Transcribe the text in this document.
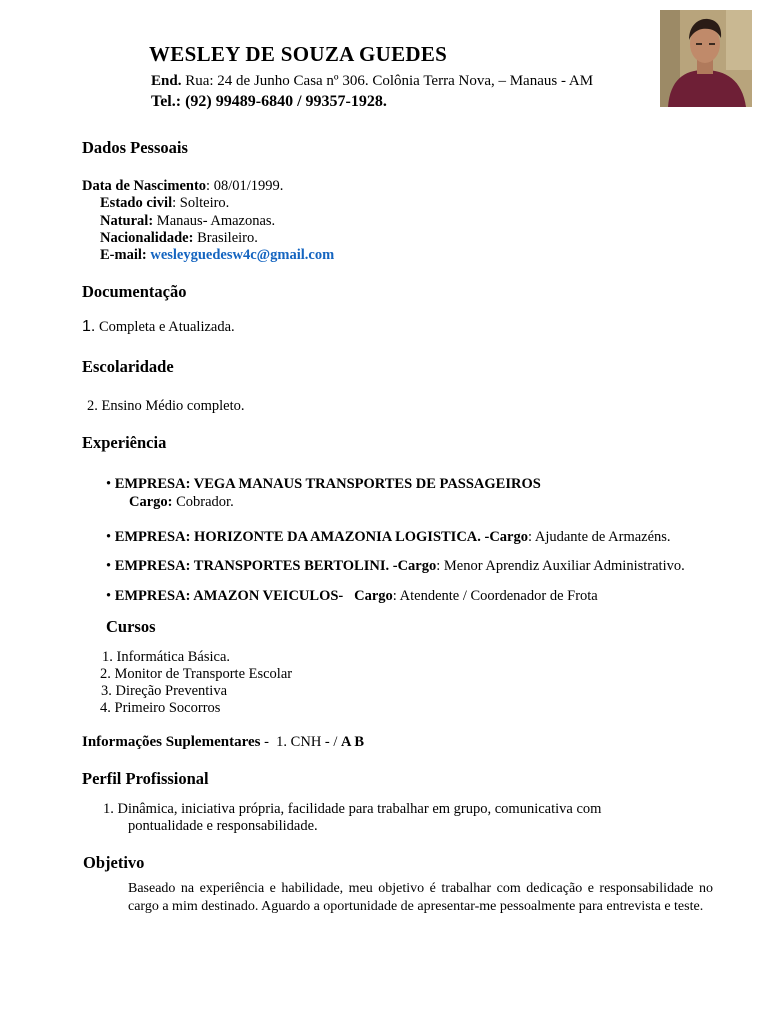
WESLEY DE SOUZA GUEDES
End. Rua: 24 de Junho Casa nº 306. Colônia Terra Nova, – Manaus - AM
Tel.: (92) 99489-6840 / 99357-1928.
Dados Pessoais
Data de Nascimento: 08/01/1999.
Estado civil: Solteiro.
Natural: Manaus- Amazonas.
Nacionalidade: Brasileiro.
E-mail: wesleyguedesw4c@gmail.com
Documentação
1. Completa e Atualizada.
Escolaridade
2. Ensino Médio completo.
Experiência
• EMPRESA: VEGA MANAUS TRANSPORTES DE PASSAGEIROS
Cargo: Cobrador.
• EMPRESA: HORIZONTE DA AMAZONIA LOGISTICA. -Cargo: Ajudante de Armazéns.
• EMPRESA: TRANSPORTES BERTOLINI. -Cargo: Menor Aprendiz Auxiliar Administrativo.
• EMPRESA: AMAZON VEICULOS-   Cargo: Atendente / Coordenador de Frota
Cursos
1. Informática Básica.
2. Monitor de Transporte Escolar
3. Direção Preventiva
4. Primeiro Socorros
Informações Suplementares -  1. CNH - / A B
Perfil Profissional
1. Dinâmica, iniciativa própria, facilidade para trabalhar em grupo, comunicativa com
pontualidade e responsabilidade.
Objetivo
Baseado na experiência e habilidade, meu objetivo é trabalhar com dedicação e responsabilidade no cargo a mim destinado. Aguardo a oportunidade de apresentar-me pessoalmente para entrevista e teste.
